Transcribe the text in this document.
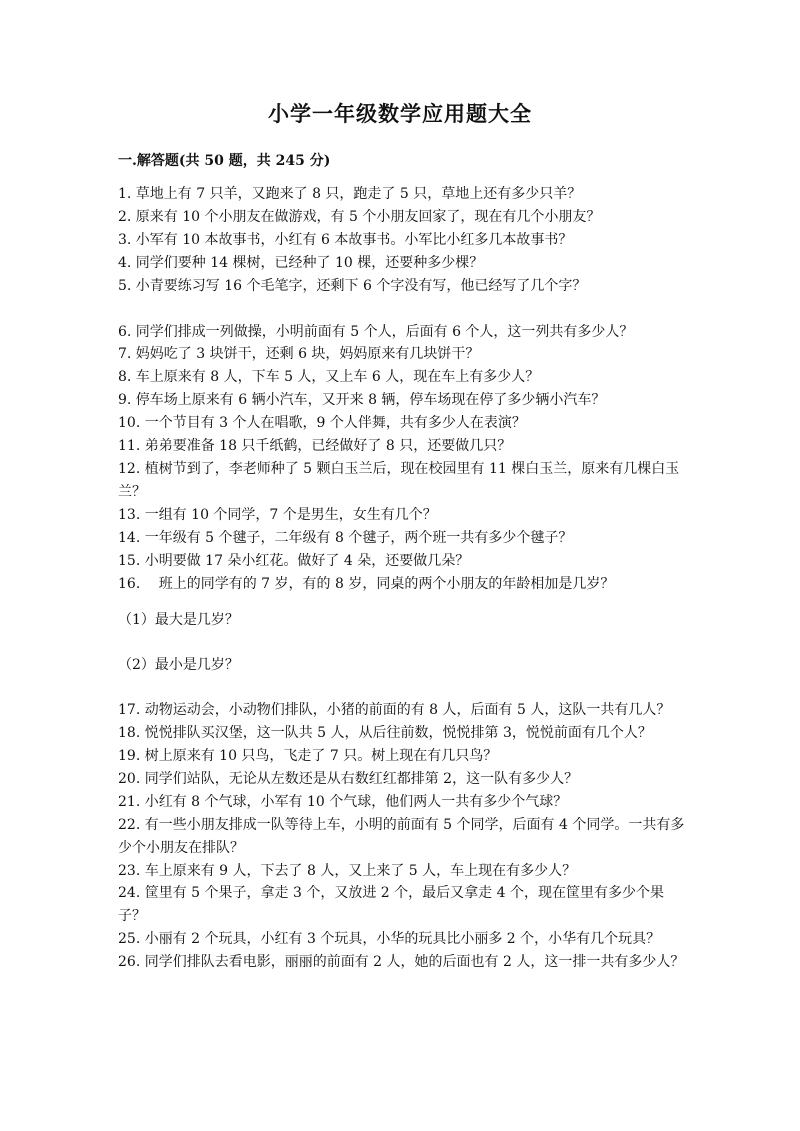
小学一年级数学应用题大全
一.解答题(共 50 题，共 245 分)

1. 草地上有 7 只羊，又跑来了 8 只，跑走了 5 只，草地上还有多少只羊？

2. 原来有 10 个小朋友在做游戏，有 5 个小朋友回家了，现在有几个小朋友？

3. 小军有 10 本故事书，小红有 6 本故事书。小军比小红多几本故事书？

4. 同学们要种 14 棵树，已经种了 10 棵，还要种多少棵？

5. 小青要练习写 16 个毛笔字，还剩下 6 个字没有写，他已经写了几个字？

6. 同学们排成一列做操，小明前面有 5 个人，后面有 6 个人，这一列共有多少人？

7. 妈妈吃了 3 块饼干，还剩 6 块，妈妈原来有几块饼干？

8. 车上原来有 8 人，下车 5 人，又上车 6 人，现在车上有多少人？

9. 停车场上原来有 6 辆小汽车，又开来 8 辆，停车场现在停了多少辆小汽车？

10. 一个节目有 3 个人在唱歌，9 个人伴舞，共有多少人在表演？

11. 弟弟要准备 18 只千纸鹤，已经做好了 8 只，还要做几只？

12. 植树节到了，李老师种了 5 颗白玉兰后，现在校园里有 11 棵白玉兰，原来有几棵白玉兰？

13. 一组有 10 个同学，7 个是男生，女生有几个？

14. 一年级有 5 个毽子，二年级有 8 个毽子，两个班一共有多少个毽子？

15. 小明要做 17 朵小红花。做好了 4 朵，还要做几朵？

16.　 班上的同学有的 7 岁，有的 8 岁，同桌的两个小朋友的年龄相加是几岁？

（1）最大是几岁？

（2）最小是几岁？

17. 动物运动会，小动物们排队，小猪的前面的有 8 人，后面有 5 人，这队一共有几人？

18. 悦悦排队买汉堡，这一队共 5 人，从后往前数，悦悦排第 3，悦悦前面有几个人？

19. 树上原来有 10 只鸟，飞走了 7 只。树上现在有几只鸟？

20. 同学们站队，无论从左数还是从右数红红都排第 2，这一队有多少人？

21. 小红有 8 个气球，小军有 10 个气球，他们两人一共有多少个气球？

22. 有一些小朋友排成一队等待上车，小明的前面有 5 个同学，后面有 4 个同学。一共有多少个小朋友在排队？

23. 车上原来有 9 人，下去了 8 人，又上来了 5 人，车上现在有多少人？

24. 筐里有 5 个果子，拿走 3 个，又放进 2 个，最后又拿走 4 个，现在筐里有多少个果子？

25. 小丽有 2 个玩具，小红有 3 个玩具，小华的玩具比小丽多 2 个，小华有几个玩具？

26. 同学们排队去看电影，丽丽的前面有 2 人，她的后面也有 2 人，这一排一共有多少人？
